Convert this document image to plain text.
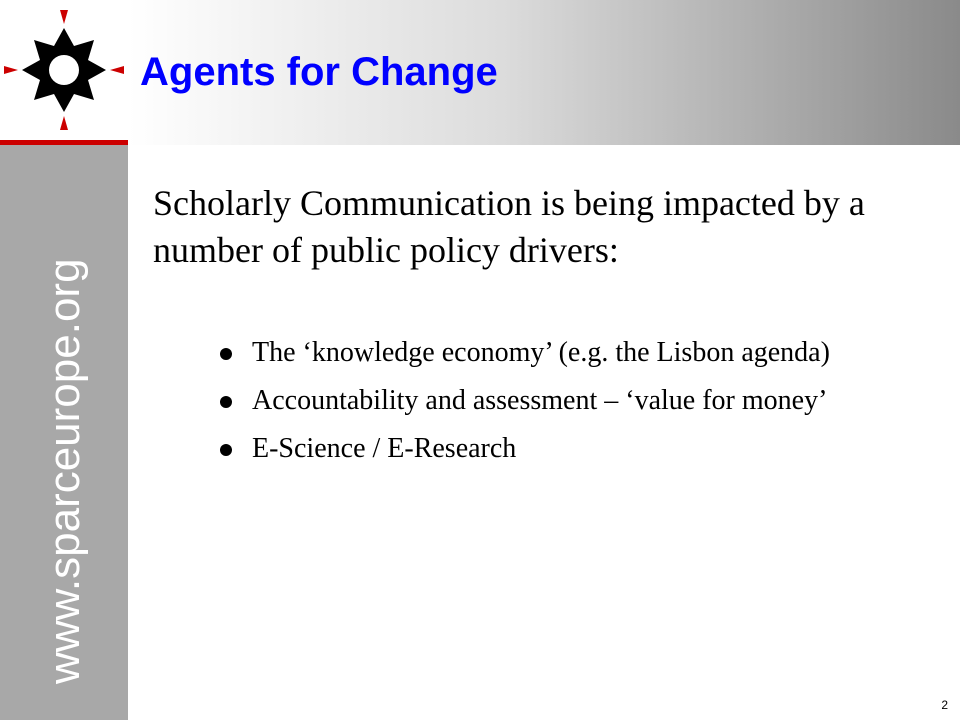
www.sparceurope.org
Agents for Change

Scholarly Communication is being impacted by a number of public policy drivers:

The ‘knowledge economy’ (e.g. the Lisbon agenda)
Accountability and assessment – ‘value for money’
E-Science / E-Research
2
